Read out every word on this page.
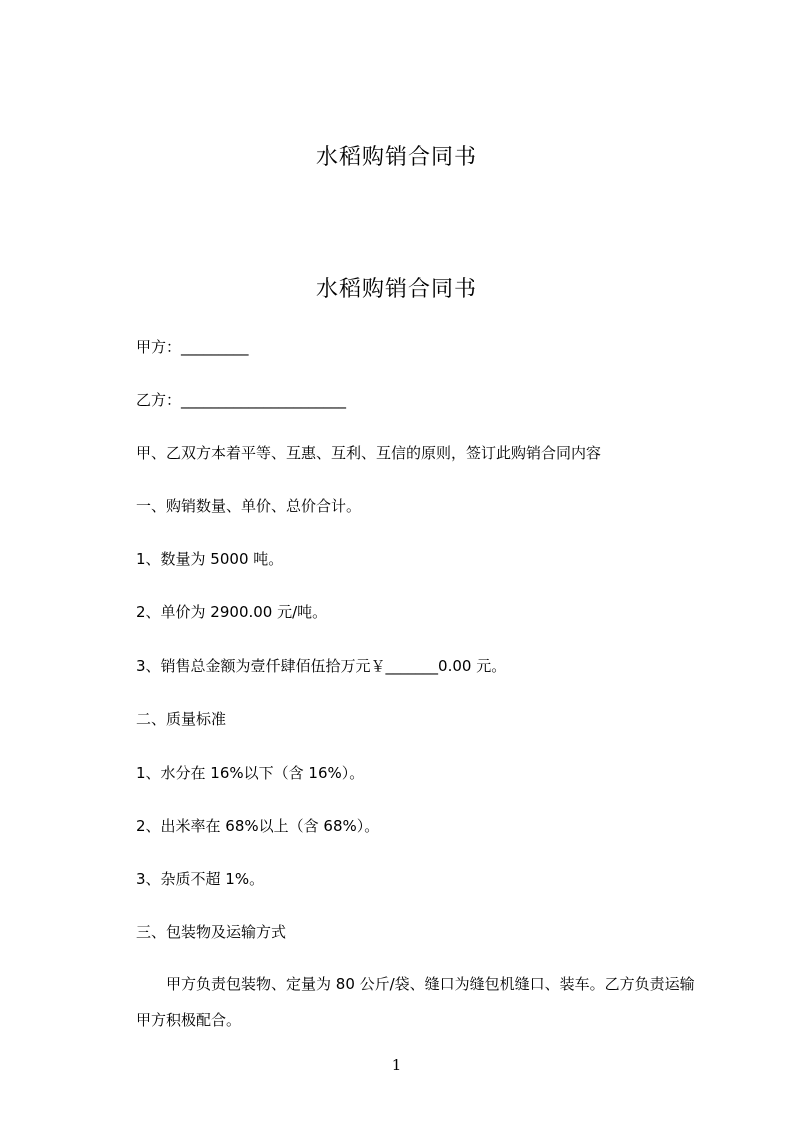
水稻购销合同书
水稻购销合同书
甲方：_________
乙方：______________________
甲、乙双方本着平等、互惠、互利、互信的原则，签订此购销合同内容
一、购销数量、单价、总价合计。
1、数量为 5000 吨。
2、单价为 2900.00 元/吨。
3、销售总金额为壹仟肆佰伍拾万元￥_______0.00 元。
二、质量标准
1、水分在 16%以下（含 16%）。
2、出米率在 68%以上（含 68%）。
3、杂质不超 1%。
三、包装物及运输方式
甲方负责包装物、定量为 80 公斤/袋、缝口为缝包机缝口、装车。乙方负责运输
甲方积极配合。
1
